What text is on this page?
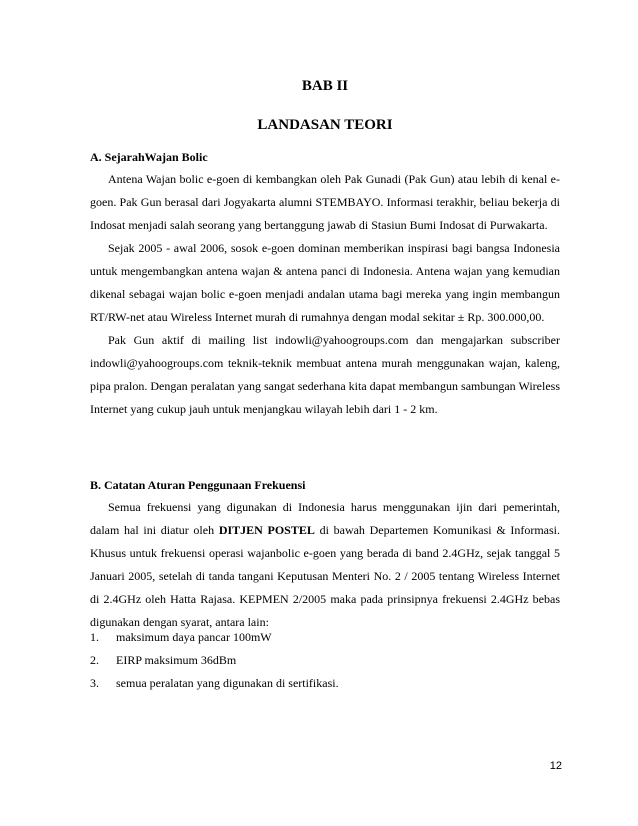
BAB II
LANDASAN TEORI
A. SejarahWajan Bolic

Antena Wajan bolic e-goen di kembangkan oleh Pak Gunadi (Pak Gun) atau lebih di kenal e-goen. Pak Gun berasal dari Jogyakarta alumni STEMBAYO. Informasi terakhir, beliau bekerja di Indosat menjadi salah seorang yang bertanggung jawab di Stasiun Bumi Indosat di Purwakarta.

Sejak 2005 - awal 2006, sosok e-goen dominan memberikan inspirasi bagi bangsa Indonesia untuk mengembangkan antena wajan & antena panci di Indonesia. Antena wajan yang kemudian dikenal sebagai wajan bolic e-goen menjadi andalan utama bagi mereka yang ingin membangun RT/RW-net atau Wireless Internet murah di rumahnya dengan modal sekitar ± Rp. 300.000,00.

Pak Gun aktif di mailing list indowli@yahoogroups.com dan mengajarkan subscriber indowli@yahoogroups.com teknik-teknik membuat antena murah menggunakan wajan, kaleng, pipa pralon. Dengan peralatan yang sangat sederhana kita dapat membangun sambungan Wireless Internet yang cukup jauh untuk menjangkau wilayah lebih dari 1 - 2 km.

B. Catatan Aturan Penggunaan Frekuensi

Semua frekuensi yang digunakan di Indonesia harus menggunakan ijin dari pemerintah, dalam hal ini diatur oleh DITJEN POSTEL di bawah Departemen Komunikasi & Informasi. Khusus untuk frekuensi operasi wajanbolic e-goen yang berada di band 2.4GHz, sejak tanggal 5 Januari 2005, setelah di tanda tangani Keputusan Menteri No. 2 / 2005 tentang Wireless Internet di 2.4GHz oleh Hatta Rajasa. KEPMEN 2/2005 maka pada prinsipnya frekuensi 2.4GHz bebas digunakan dengan syarat, antara lain:

1.	maksimum daya pancar 100mW
2.	EIRP maksimum 36dBm
3.	semua peralatan yang digunakan di sertifikasi.
12
